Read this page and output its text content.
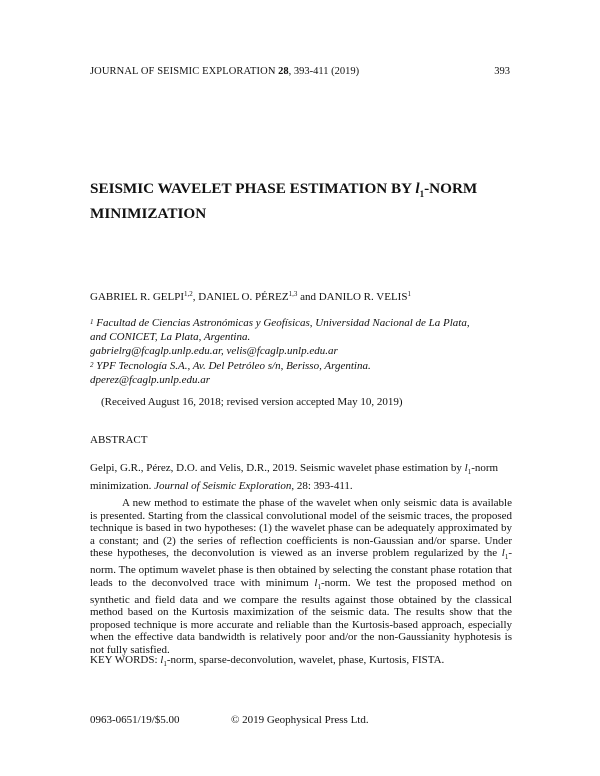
JOURNAL OF SEISMIC EXPLORATION 28, 393-411 (2019)	393
SEISMIC WAVELET PHASE ESTIMATION BY $l_1$-NORM
MINIMIZATION
GABRIEL R. GELPI$^{1,2}$, DANIEL O. PÉREZ$^{1,3}$ and DANILO R. VELIS$^1$
$^1$ Facultad de Ciencias Astronómicas y Geofísicas, Universidad Nacional de La Plata,
and CONICET, La Plata, Argentina.
gabrielrg@fcaglp.unlp.edu.ar, velis@fcaglp.unlp.edu.ar
$^2$ YPF Tecnología S.A., Av. Del Petróleo s/n, Berisso, Argentina.
dperez@fcaglp.unlp.edu.ar
(Received August 16, 2018; revised version accepted May 10, 2019)
ABSTRACT
Gelpi, G.R., Pérez, D.O. and Velis, D.R., 2019. Seismic wavelet phase estimation by $l_1$-norm minimization. Journal of Seismic Exploration, 28: 393-411.
A new method to estimate the phase of the wavelet when only seismic data is available is presented. Starting from the classical convolutional model of the seismic traces, the proposed technique is based in two hypotheses: (1) the wavelet phase can be adequately approximated by a constant; and (2) the series of reflection coefficients is non-Gaussian and/or sparse. Under these hypotheses, the deconvolution is viewed as an inverse problem regularized by the $l_1$-norm. The optimum wavelet phase is then obtained by selecting the constant phase rotation that leads to the deconvolved trace with minimum $l_1$-norm. We test the proposed method on synthetic and field data and we compare the results against those obtained by the classical method based on the Kurtosis maximization of the seismic data. The results show that the proposed technique is more accurate and reliable than the Kurtosis-based approach, especially when the effective data bandwidth is relatively poor and/or the non-Gaussianity hyphotesis is not fully satisfied.
KEY WORDS: $l_1$-norm, sparse-deconvolution, wavelet, phase, Kurtosis, FISTA.
0963-0651/19/$5.00	© 2019 Geophysical Press Ltd.
